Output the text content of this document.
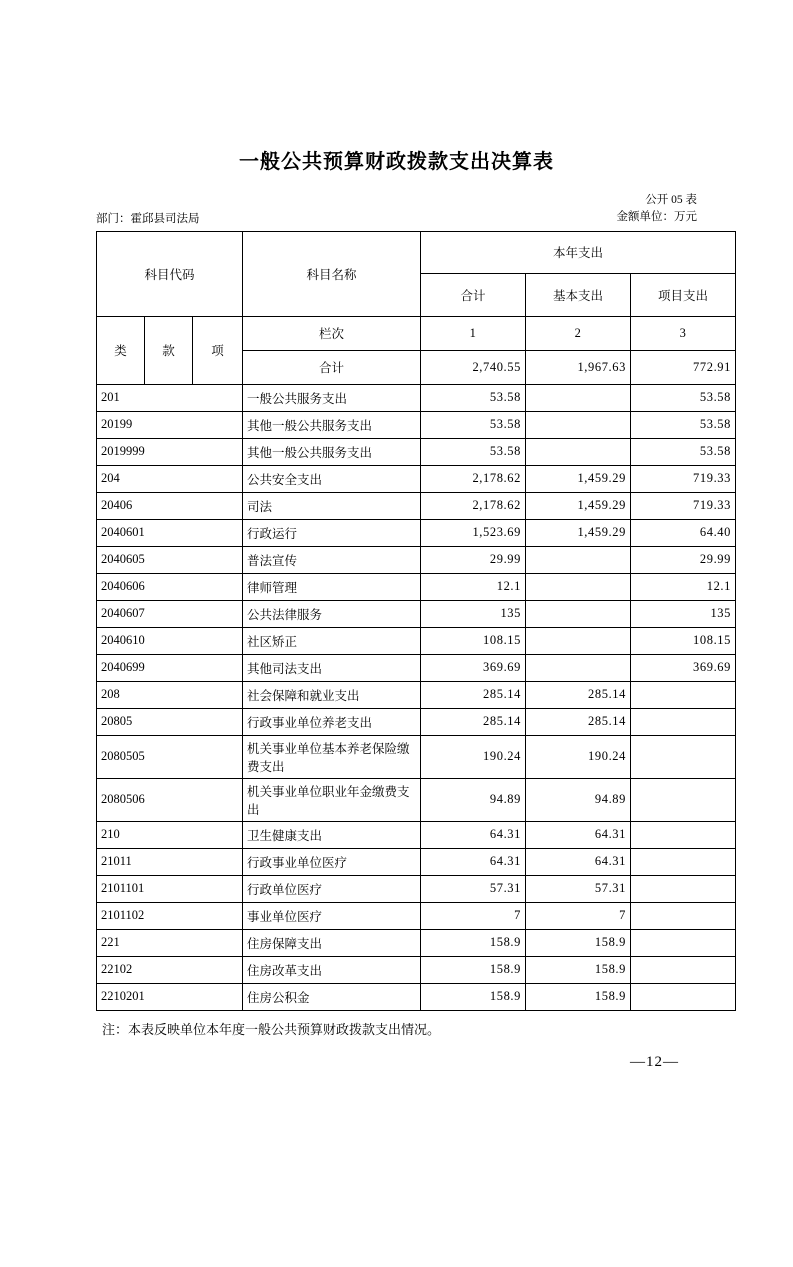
一般公共预算财政拨款支出决算表
部门：霍邱县司法局
公开 05 表
金额单位：万元
科目代码			科目名称	本年支出		
				合计	基本支出	项目支出
类	款	项	栏次	1	2	3
			合计	2,740.55	1,967.63	772.91
201			一般公共服务支出	53.58		53.58
20199			其他一般公共服务支出	53.58		53.58
2019999			其他一般公共服务支出	53.58		53.58
204			公共安全支出	2,178.62	1,459.29	719.33
20406			司法	2,178.62	1,459.29	719.33
2040601			行政运行	1,523.69	1,459.29	64.40
2040605			普法宣传	29.99		29.99
2040606			律师管理	12.1		12.1
2040607			公共法律服务	135		135
2040610			社区矫正	108.15		108.15
2040699			其他司法支出	369.69		369.69
208			社会保障和就业支出	285.14	285.14	
20805			行政事业单位养老支出	285.14	285.14	
2080505			机关事业单位基本养老保险缴费支出	190.24	190.24	
2080506			机关事业单位职业年金缴费支出	94.89	94.89	
210			卫生健康支出	64.31	64.31	
21011			行政事业单位医疗	64.31	64.31	
2101101			行政单位医疗	57.31	57.31	
2101102			事业单位医疗	7	7	
221			住房保障支出	158.9	158.9	
22102			住房改革支出	158.9	158.9	
2210201			住房公积金	158.9	158.9	
注：本表反映单位本年度一般公共预算财政拨款支出情况。
—12—
